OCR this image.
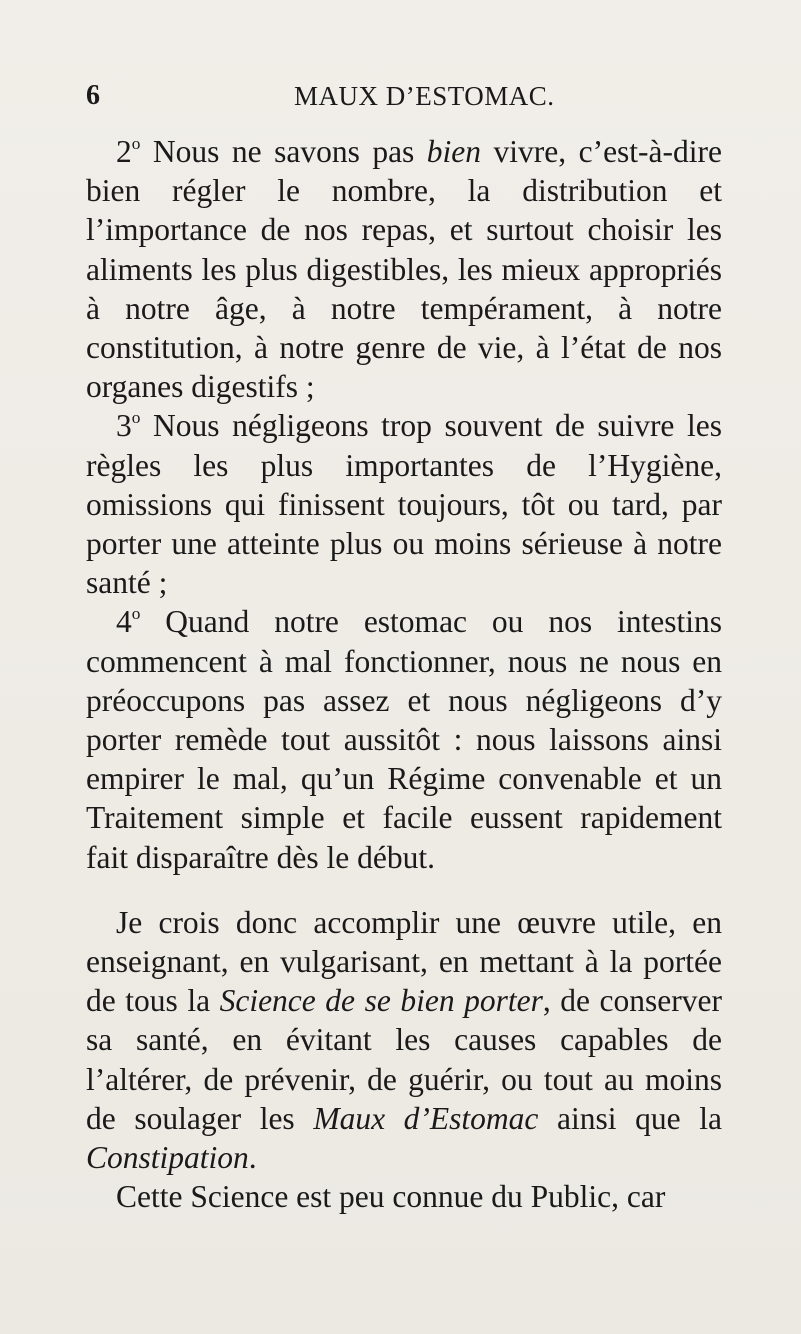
6	MAUX D’ESTOMAC.

2$^o$ Nous ne savons pas bien vivre, c’est-à-dire bien régler le nombre, la distribution et l’importance de nos repas, et surtout choisir les aliments les plus digestibles, les mieux appropriés à notre âge, à notre tempérament, à notre constitution, à notre genre de vie, à l’état de nos organes digestifs ;

3$^o$ Nous négligeons trop souvent de suivre les règles les plus importantes de l’Hygiène, omissions qui finissent toujours, tôt ou tard, par porter une atteinte plus ou moins sérieuse à notre santé ;

4$^o$ Quand notre estomac ou nos intestins commencent à mal fonctionner, nous ne nous en préoccupons pas assez et nous négligeons d’y porter remède tout aussitôt : nous laissons ainsi empirer le mal, qu’un Régime convenable et un Traitement simple et facile eussent rapidement fait disparaître dès le début.

Je crois donc accomplir une œuvre utile, en enseignant, en vulgarisant, en mettant à la portée de tous la Science de se bien porter, de conserver sa santé, en évitant les causes capables de l’altérer, de prévenir, de guérir, ou tout au moins de soulager les Maux d’Estomac ainsi que la Constipation.

Cette Science est peu connue du Public, car
